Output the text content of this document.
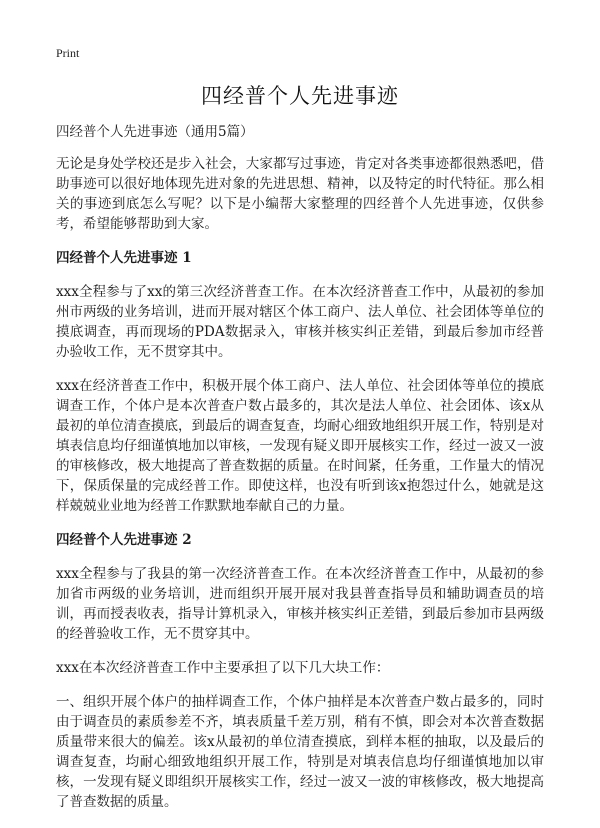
Print
四经普个人先进事迹
四经普个人先进事迹（通用5篇）

无论是身处学校还是步入社会，大家都写过事迹，肯定对各类事迹都很熟悉吧，借助事迹可以很好地体现先进对象的先进思想、精神，以及特定的时代特征。那么相关的事迹到底怎么写呢？以下是小编帮大家整理的四经普个人先进事迹，仅供参考，希望能够帮助到大家。

四经普个人先进事迹 1

xxx全程参与了xx的第三次经济普查工作。在本次经济普查工作中，从最初的参加州市两级的业务培训，进而开展对辖区个体工商户、法人单位、社会团体等单位的摸底调查，再而现场的PDA数据录入，审核并核实纠正差错，到最后参加市经普办验收工作，无不贯穿其中。

xxx在经济普查工作中，积极开展个体工商户、法人单位、社会团体等单位的摸底调查工作，个体户是本次普查户数占最多的，其次是法人单位、社会团体、该x从最初的单位清查摸底，到最后的调查复查，均耐心细致地组织开展工作，特别是对填表信息均仔细谨慎地加以审核，一发现有疑义即开展核实工作，经过一波又一波的审核修改，极大地提高了普查数据的质量。在时间紧，任务重，工作量大的情况下，保质保量的完成经普工作。即使这样，也没有听到该x抱怨过什么，她就是这样兢兢业业地为经普工作默默地奉献自己的力量。

四经普个人先进事迹 2

xxx全程参与了我县的第一次经济普查工作。在本次经济普查工作中，从最初的参加省市两级的业务培训，进而组织开展开展对我县普查指导员和辅助调查员的培训，再而授表收表，指导计算机录入，审核并核实纠正差错，到最后参加市县两级的经普验收工作，无不贯穿其中。

xxx在本次经济普查工作中主要承担了以下几大块工作：

一、组织开展个体户的抽样调查工作，个体户抽样是本次普查户数占最多的，同时由于调查员的素质参差不齐，填表质量千差万别，稍有不慎，即会对本次普查数据质量带来很大的偏差。该x从最初的单位清查摸底，到样本框的抽取，以及最后的调查复查，均耐心细致地组织开展工作，特别是对填表信息均仔细谨慎地加以审核，一发现有疑义即组织开展核实工作，经过一波又一波的审核修改，极大地提高了普查数据的质量。
